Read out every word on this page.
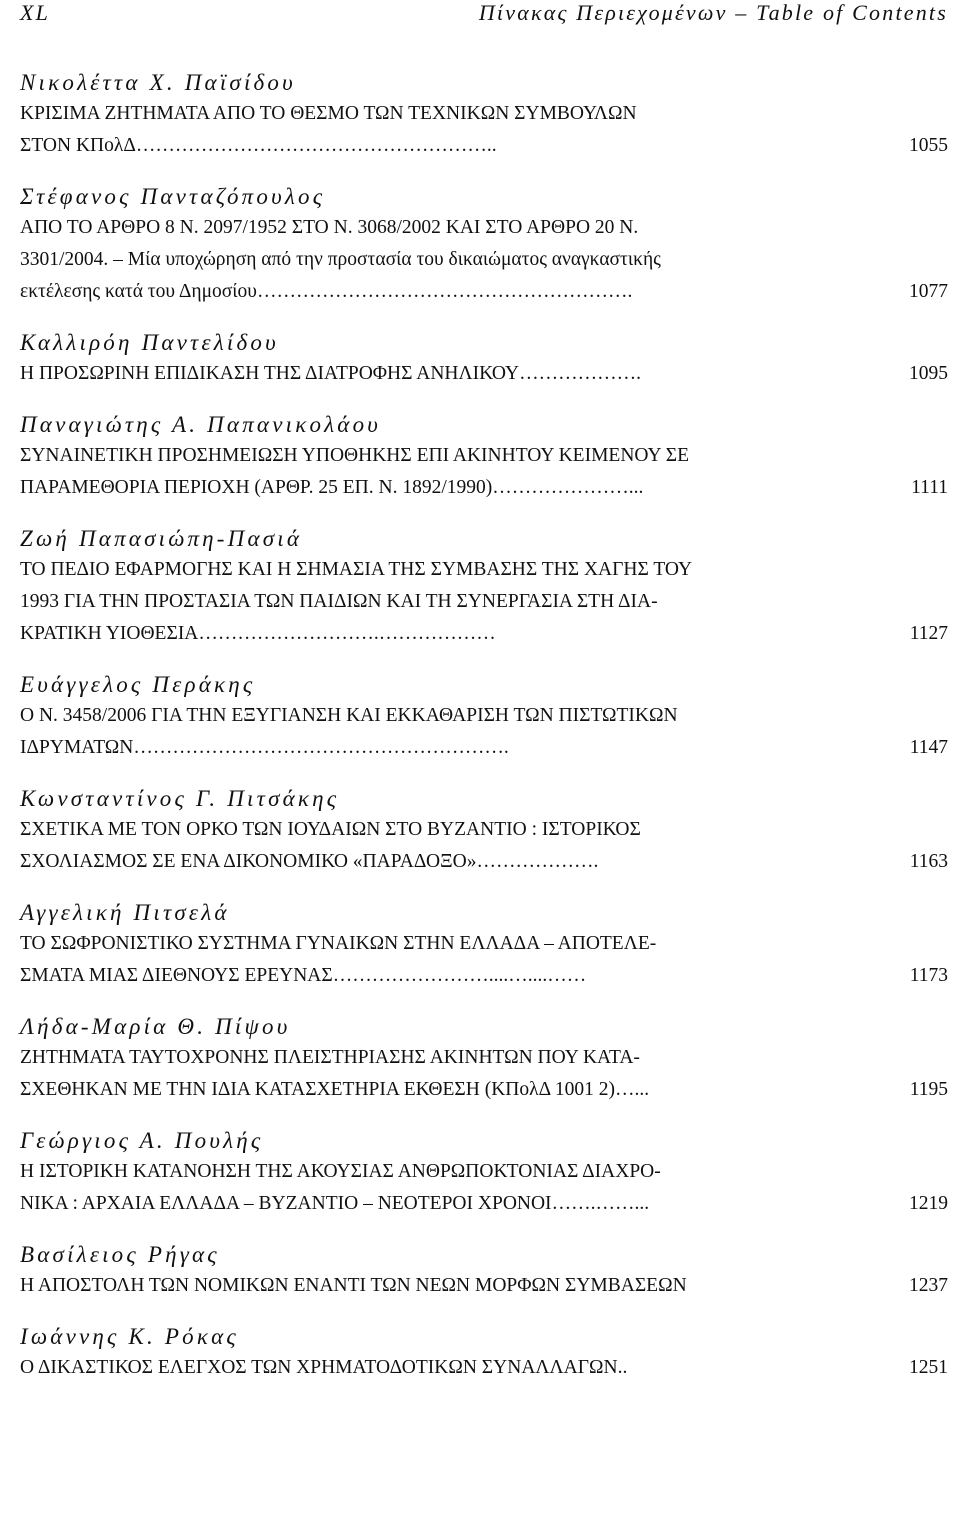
XL	Πίνακας Περιεχομένων – Table of Contents
Νικολέττα Χ. Παϊσίδου
ΚΡΙΣΙΜΑ ΖΗΤΗΜΑΤΑ ΑΠΟ ΤΟ ΘΕΣΜΟ ΤΩΝ ΤΕΧΝΙΚΩΝ ΣΥΜΒΟΥΛΩΝ
ΣΤΟΝ ΚΠολΔ ………………………………………………..	1055
Στέφανος Πανταζόπουλος
ΑΠΟ ΤΟ ΑΡΘΡΟ 8 Ν. 2097/1952 ΣΤΟ Ν. 3068/2002 ΚΑΙ ΣΤΟ ΑΡΘΡΟ 20 Ν.
3301/2004. – Μία υποχώρηση από την προστασία του δικαιώματος αναγκαστικής
εκτέλεσης κατά του Δημοσίου ………………………………………………….	1077
Καλλιρόη Παντελίδου
Η ΠΡΟΣΩΡΙΝΗ ΕΠΙΔΙΚΑΣΗ ΤΗΣ ΔΙΑΤΡΟΦΗΣ ΑΝΗΛΙΚΟΥ ……………….	1095
Παναγιώτης Α. Παπανικολάου
ΣΥΝΑΙΝΕΤΙΚΗ ΠΡΟΣΗΜΕΙΩΣΗ ΥΠΟΘΗΚΗΣ ΕΠΙ ΑΚΙΝΗΤΟΥ ΚΕΙΜΕΝΟΥ ΣΕ
ΠΑΡΑΜΕΘΟΡΙΑ ΠΕΡΙΟΧΗ (ΑΡΘΡ. 25 ΕΠ. Ν. 1892/1990) …………………...	1111
Ζωή Παπασιώπη-Πασιά
ΤΟ ΠΕΔΙΟ ΕΦΑΡΜΟΓΗΣ ΚΑΙ Η ΣΗΜΑΣΙΑ ΤΗΣ ΣΥΜΒΑΣΗΣ ΤΗΣ ΧΑΓΗΣ ΤΟΥ
1993 ΓΙΑ ΤΗΝ ΠΡΟΣΤΑΣΙΑ ΤΩΝ ΠΑΙΔΙΩΝ ΚΑΙ ΤΗ ΣΥΝΕΡΓΑΣΙΑ ΣΤΗ ΔΙΑ-
ΚΡΑΤΙΚΗ ΥΙΟΘΕΣΙΑ ……………………….………………	1127
Ευάγγελος Περάκης
Ο Ν. 3458/2006 ΓΙΑ ΤΗΝ ΕΞΥΓΙΑΝΣΗ ΚΑΙ ΕΚΚΑΘΑΡΙΣΗ ΤΩΝ ΠΙΣΤΩΤΙΚΩΝ
ΙΔΡΥΜΑΤΩΝ ………………………………………………….	1147
Κωνσταντίνος Γ. Πιτσάκης
ΣΧΕΤΙΚΑ ΜΕ ΤΟΝ ΟΡΚΟ ΤΩΝ ΙΟΥΔΑΙΩΝ ΣΤΟ ΒΥΖΑΝΤΙΟ : ΙΣΤΟΡΙΚΟΣ
ΣΧΟΛΙΑΣΜΟΣ ΣΕ ΕΝΑ ΔΙΚΟΝΟΜΙΚΟ «ΠΑΡΑΔΟΞΟ» ……………….	1163
Αγγελική Πιτσελά
ΤΟ ΣΩΦΡΟΝΙΣΤΙΚΟ ΣΥΣΤΗΜΑ ΓΥΝΑΙΚΩΝ ΣΤΗΝ ΕΛΛΑΔΑ – ΑΠΟΤΕΛΕ-
ΣΜΑΤΑ ΜΙΑΣ ΔΙΕΘΝΟΥΣ ΕΡΕΥΝΑΣ ……………………....…....……	1173
Λήδα-Μαρία Θ. Πίψου
ΖΗΤΗΜΑΤΑ ΤΑΥΤΟΧΡΟΝΗΣ ΠΛΕΙΣΤΗΡΙΑΣΗΣ ΑΚΙΝΗΤΩΝ ΠΟΥ ΚΑΤΑ-
ΣΧΕΘΗΚΑΝ ΜΕ ΤΗΝ ΙΔΙΑ ΚΑΤΑΣΧΕΤΗΡΙΑ ΕΚΘΕΣΗ (ΚΠολΔ 1001 2) …...	1195
Γεώργιος Α. Πουλής
Η ΙΣΤΟΡΙΚΗ ΚΑΤΑΝΟΗΣΗ ΤΗΣ ΑΚΟΥΣΙΑΣ ΑΝΘΡΩΠΟΚΤΟΝΙΑΣ ΔΙΑΧΡΟ-
ΝΙΚΑ : ΑΡΧΑΙΑ ΕΛΛΑΔΑ – ΒΥΖΑΝΤΙΟ – ΝΕΟΤΕΡΟΙ ΧΡΟΝΟΙ …….……...	1219
Βασίλειος Ρήγας
Η ΑΠΟΣΤΟΛΗ ΤΩΝ ΝΟΜΙΚΩΝ ΕΝΑΝΤΙ ΤΩΝ ΝΕΩΝ ΜΟΡΦΩΝ ΣΥΜΒΑΣΕΩΝ	1237
Ιωάννης Κ. Ρόκας
Ο ΔΙΚΑΣΤΙΚΟΣ ΕΛΕΓΧΟΣ ΤΩΝ ΧΡΗΜΑΤΟΔΟΤΙΚΩΝ ΣΥΝΑΛΛΑΓΩΝ ..	1251
